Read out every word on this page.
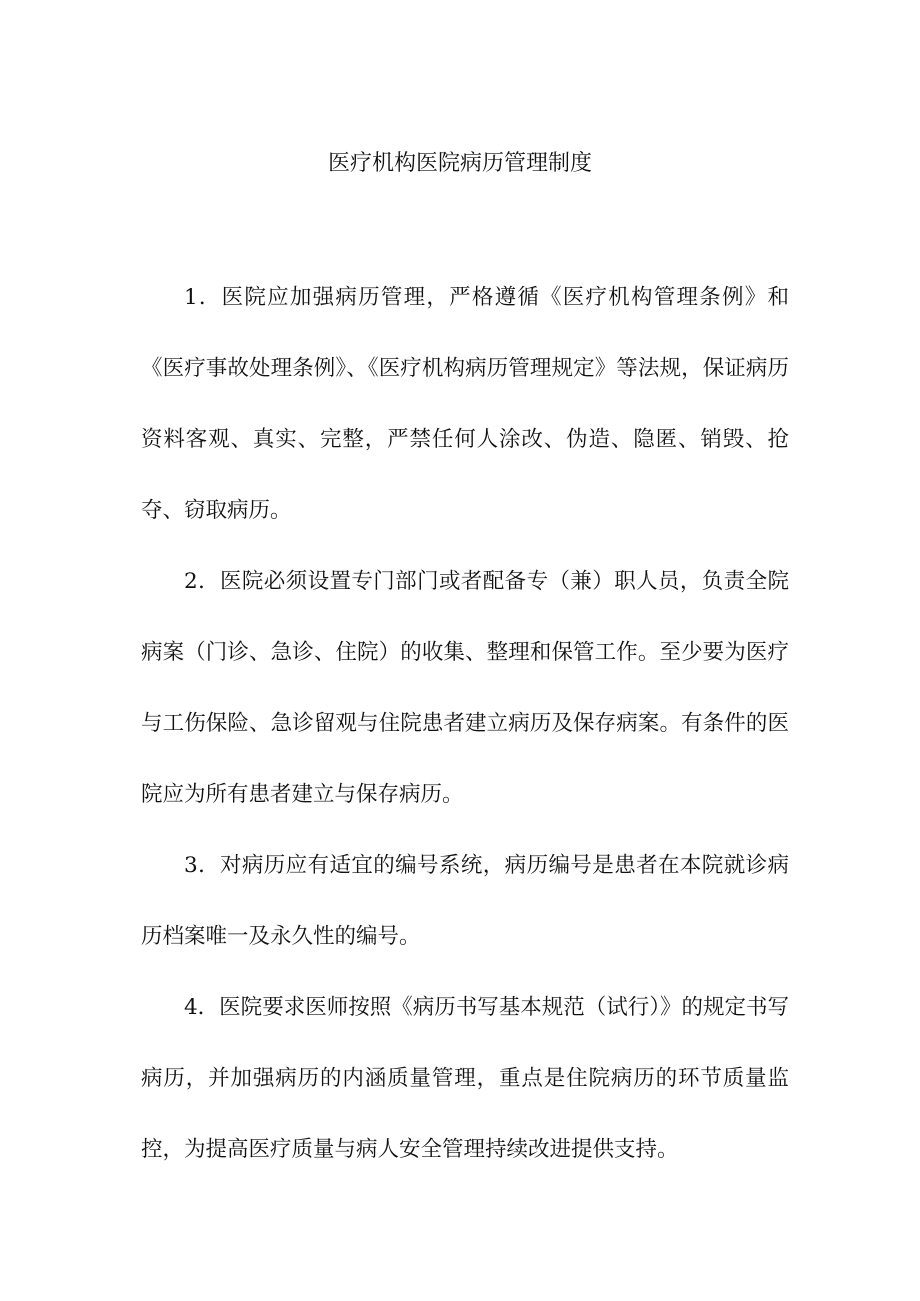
医疗机构医院病历管理制度

1．医院应加强病历管理，严格遵循《医疗机构管理条例》和《医疗事故处理条例》、《医疗机构病历管理规定》等法规，保证病历资料客观、真实、完整，严禁任何人涂改、伪造、隐匿、销毁、抢夺、窃取病历。

2．医院必须设置专门部门或者配备专（兼）职人员，负责全院病案（门诊、急诊、住院）的收集、整理和保管工作。至少要为医疗与工伤保险、急诊留观与住院患者建立病历及保存病案。有条件的医院应为所有患者建立与保存病历。

3．对病历应有适宜的编号系统，病历编号是患者在本院就诊病历档案唯一及永久性的编号。

4．医院要求医师按照《病历书写基本规范（试行）》的规定书写病历，并加强病历的内涵质量管理，重点是住院病历的环节质量监控，为提高医疗质量与病人安全管理持续改进提供支持。
